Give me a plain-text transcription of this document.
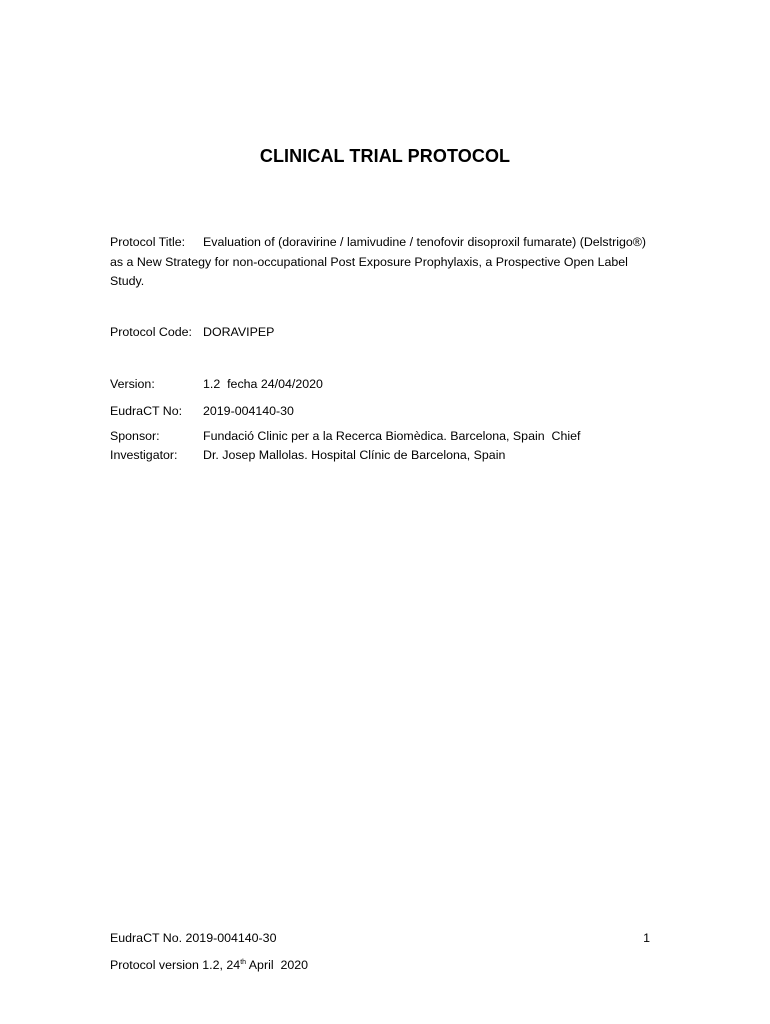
CLINICAL TRIAL PROTOCOL
Protocol Title: Evaluation of (doravirine / lamivudine / tenofovir disoproxil fumarate) (Delstrigo®) as a New Strategy for non-occupational Post Exposure Prophylaxis, a Prospective Open Label Study.
Protocol Code: DORAVIPEP
Version:	1.2  fecha 24/04/2020
EudraCT No: 2019-004140-30
Sponsor:	Fundació Clinic per a la Recerca Biomèdica. Barcelona, Spain  Chief
Investigator: Dr. Josep Mallolas. Hospital Clínic de Barcelona, Spain
EudraCT No. 2019-004140-30	1
Protocol version 1.2, 24th April  2020
